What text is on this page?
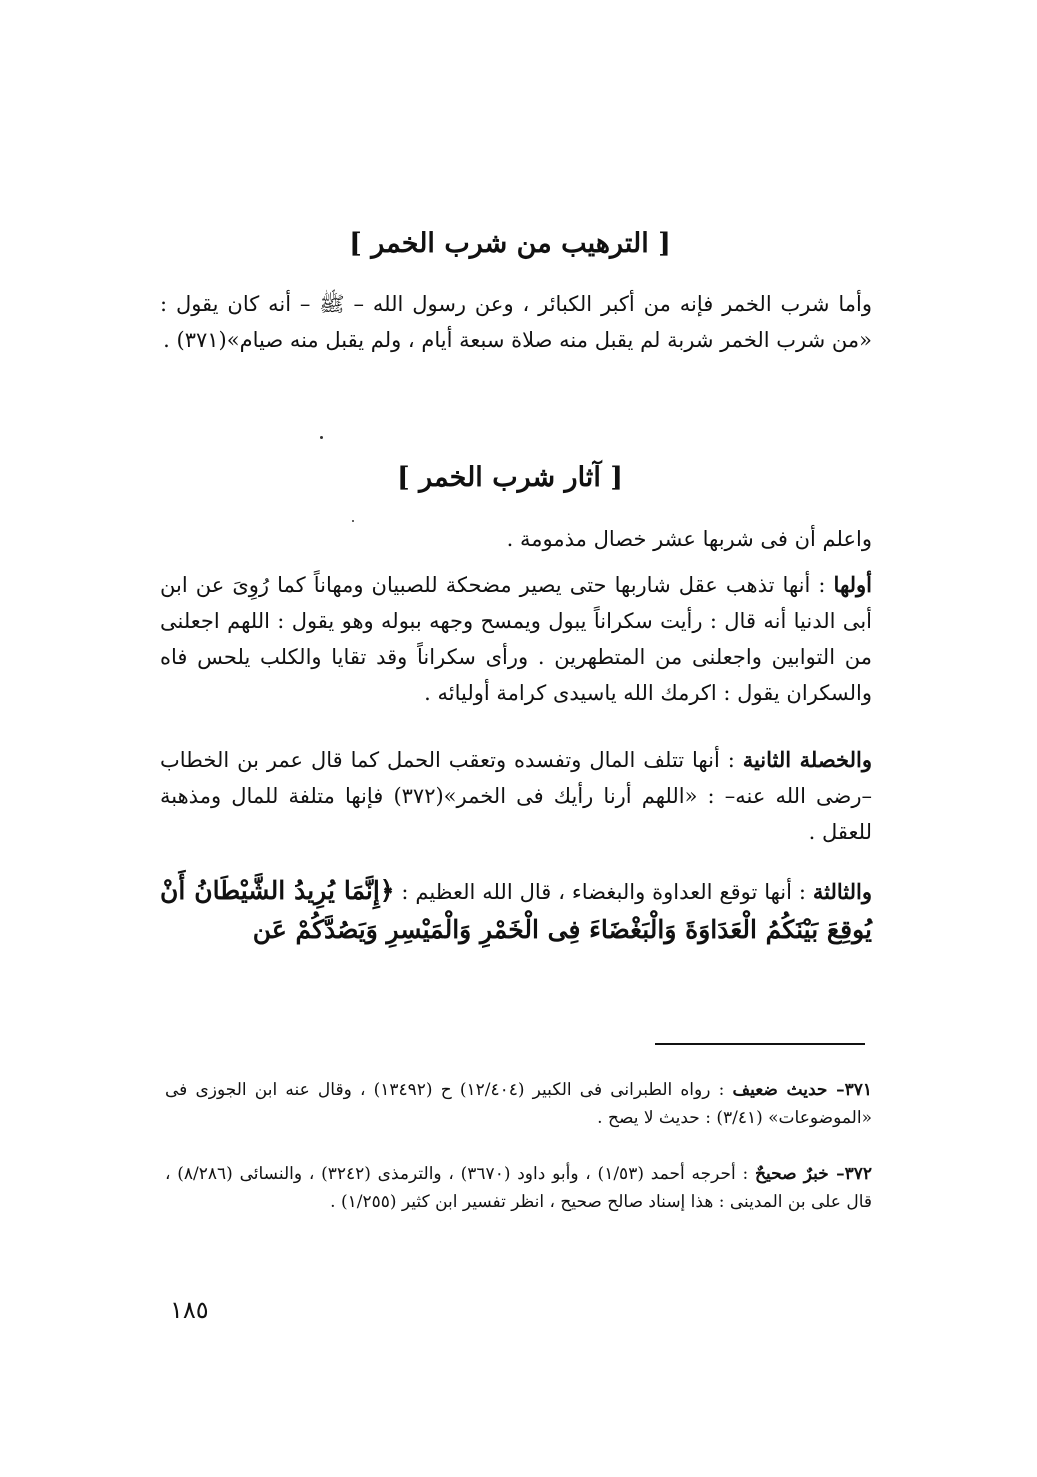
[ الترهيب من شرب الخمر ]
وأما شرب الخمر فإنه من أكبر الكبائر ، وعن رسول الله – ﷺ – أنه كان يقول : «من شرب الخمر شربة لم يقبل منه صلاة سبعة أيام ، ولم يقبل منه صيام»(٣٧١) .
[ آثار شرب الخمر ]
واعلم أن فى شربها عشر خصال مذمومة .
أولها : أنها تذهب عقل شاربها حتى يصير مضحكة للصبيان ومهاناً كما رُوِىَ عن ابن أبى الدنيا أنه قال : رأيت سكراناً يبول ويمسح وجهه ببوله وهو يقول : اللهم اجعلنى من التوابين واجعلنى من المتطهرين . ورأى سكراناً وقد تقايا والكلب يلحس فاه والسكران يقول : اكرمك الله ياسيدى كرامة أوليائه .
والخصلة الثانية : أنها تتلف المال وتفسده وتعقب الحمل كما قال عمر بن الخطاب –رضى الله عنه– : «اللهم أرنا رأيك فى الخمر»(٣٧٢) فإنها متلفة للمال ومذهبة للعقل .
والثالثة : أنها توقع العداوة والبغضاء ، قال الله العظيم : ﴿إِنَّمَا يُرِيدُ الشَّيْطَانُ أَنْ يُوقِعَ بَيْنَكُمُ الْعَدَاوَةَ وَالْبَغْضَاءَ فِى الْخَمْرِ وَالْمَيْسِرِ وَيَصُدَّكُمْ عَن
٣٧١– حديث ضعيف : رواه الطبرانى فى الكبير (١٢/٤٠٤) ح (١٣٤٩٢) ، وقال عنه ابن الجوزى فى «الموضوعات» (٣/٤١) : حديث لا يصح .
٣٧٢– خبرٌ صحيحٌ : أحرجه أحمد (١/٥٣) ، وأبو داود (٣٦٧٠) ، والترمذى (٣٢٤٢) ، والنسائى (٨/٢٨٦) ، قال على بن المدينى : هذا إسناد صالح صحيح ، انظر تفسير ابن كثير (١/٢٥٥) .
١٨٥
